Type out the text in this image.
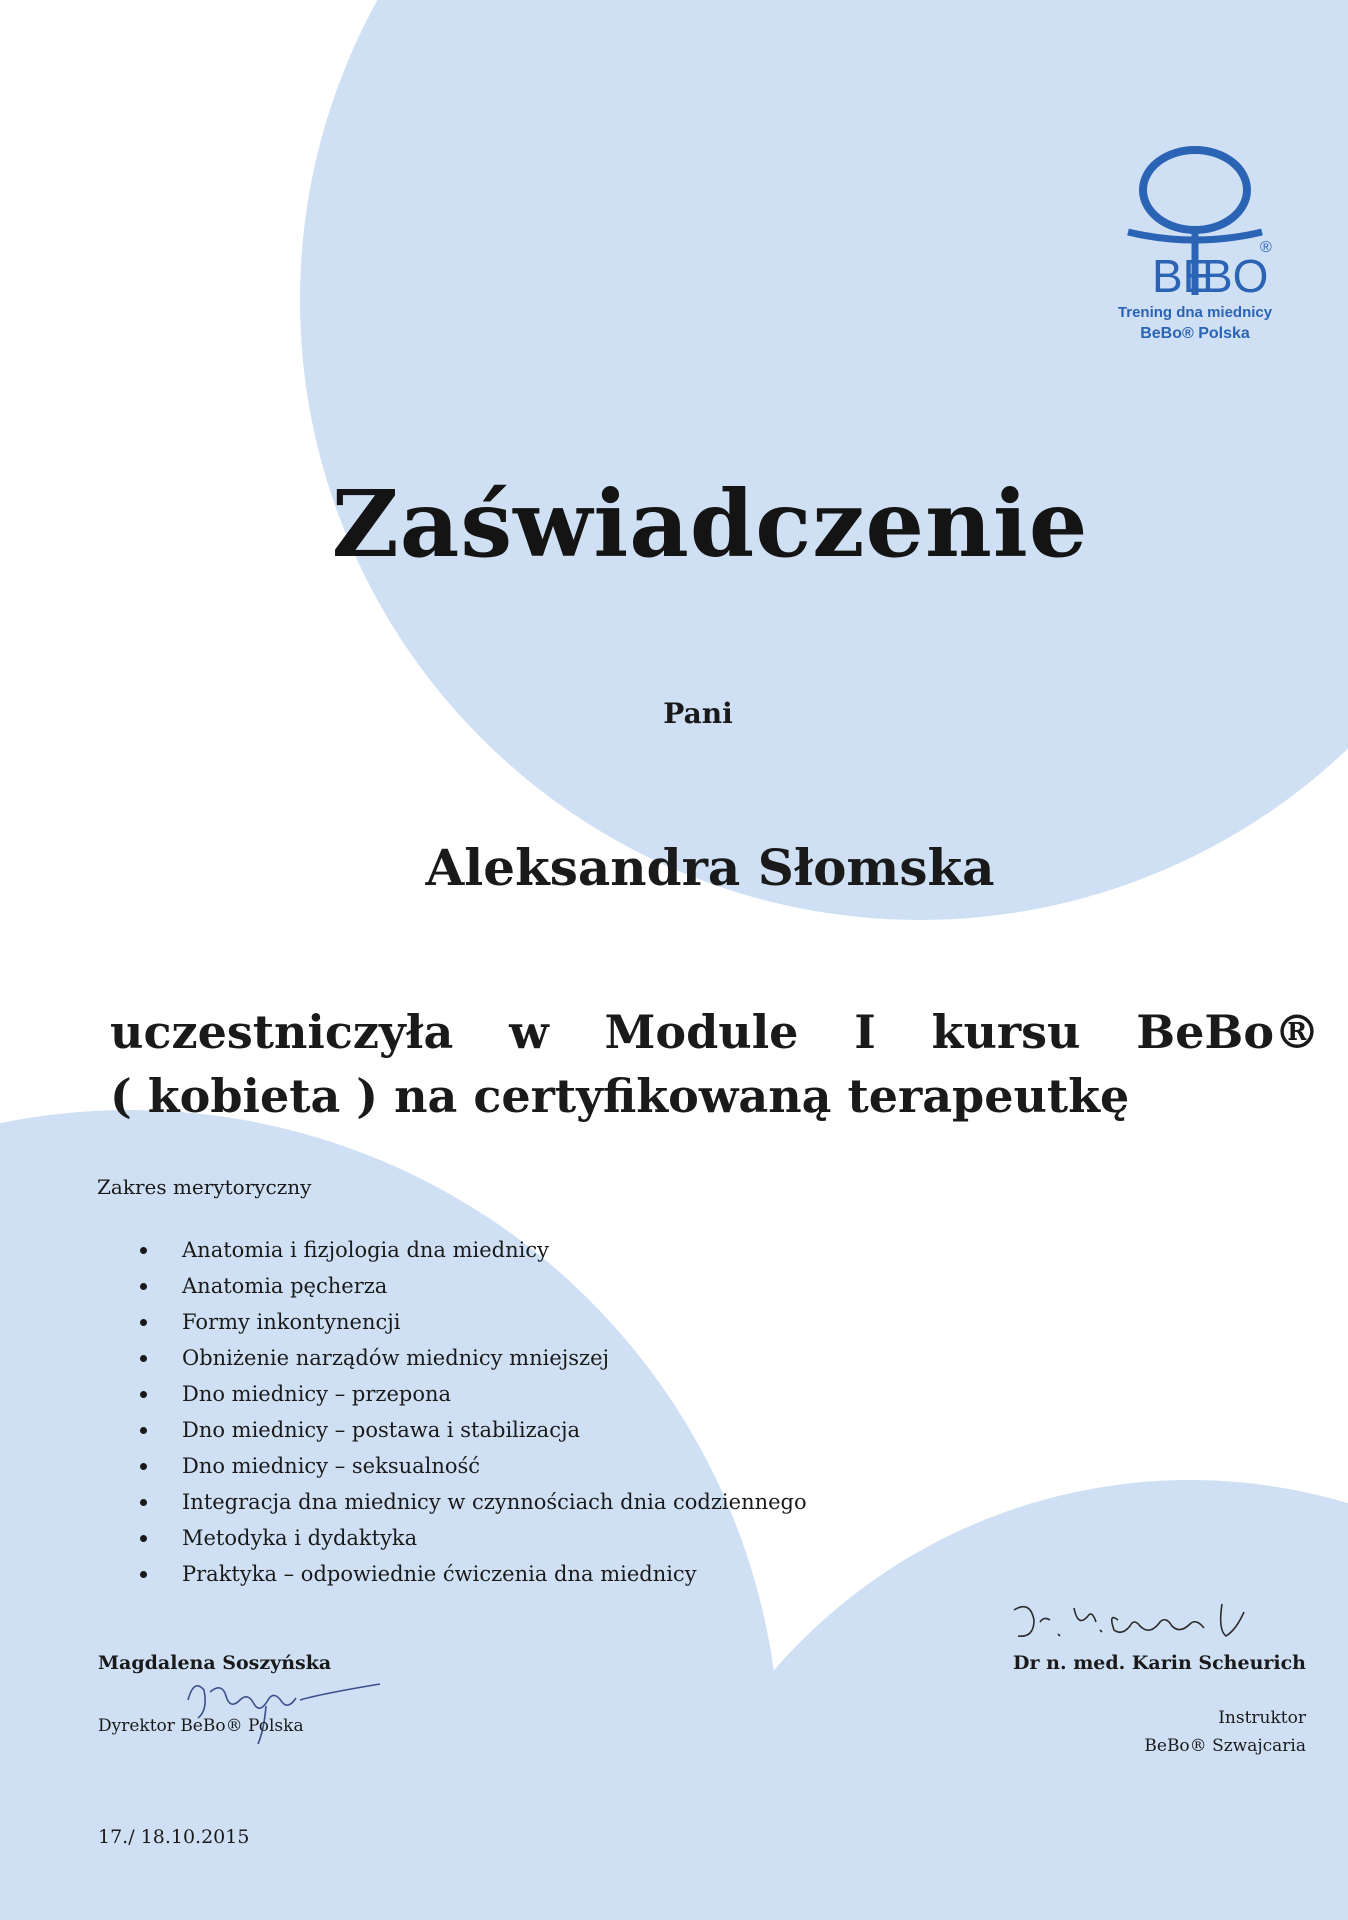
BE
BO
®
Trening dna miednicy
BeBo® Polska
Zaświadczenie
Pani
Aleksandra Słomska
uczestniczyła w Module I kursu BeBo®
( kobieta ) na certyfikowaną terapeutkę
Zakres merytoryczny
Anatomia i fizjologia dna miednicy
Anatomia pęcherza
Formy inkontynencji
Obniżenie narządów miednicy mniejszej
Dno miednicy – przepona
Dno miednicy – postawa i stabilizacja
Dno miednicy – seksualność
Integracja dna miednicy w czynnościach dnia codziennego
Metodyka i dydaktyka
Praktyka – odpowiednie ćwiczenia dna miednicy
Magdalena Soszyńska
Dyrektor BeBo® Polska
Dr n. med. Karin Scheurich
Instruktor
BeBo® Szwajcaria
17./ 18.10.2015
